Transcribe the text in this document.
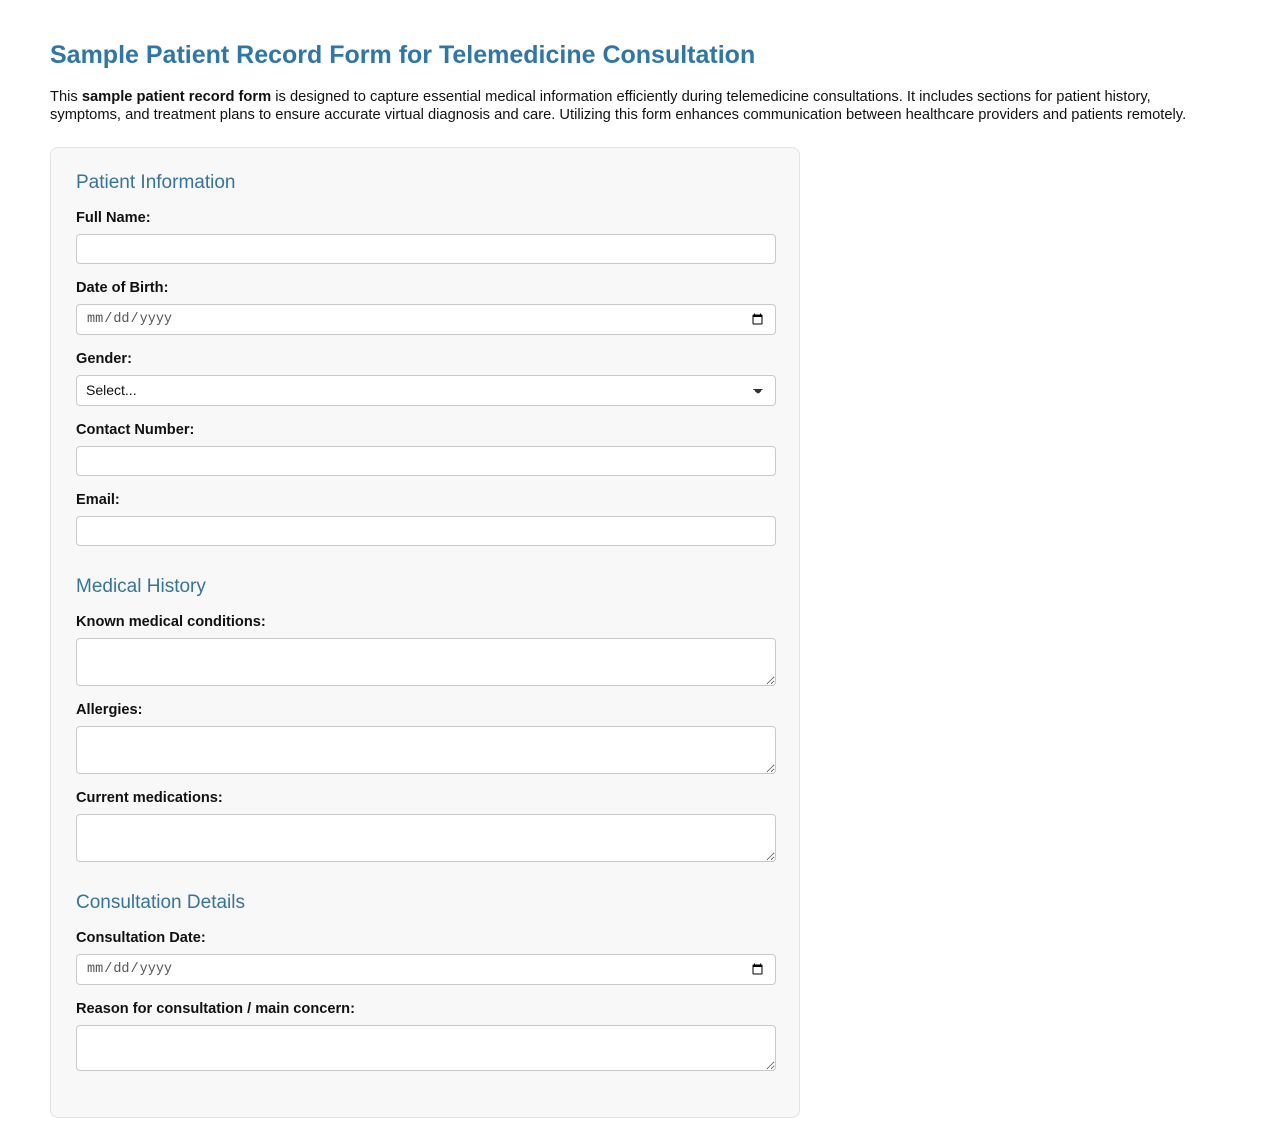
Sample Patient Record Form for Telemedicine Consultation

This sample patient record form is designed to capture essential medical information efficiently during telemedicine consultations. It includes sections for patient history, symptoms, and treatment plans to ensure accurate virtual diagnosis and care. Utilizing this form enhances communication between healthcare providers and patients remotely.

Patient Information
Full Name:
Date of Birth:
Gender:
Select...
Contact Number:
Email:
Medical History
Known medical conditions:
Allergies:
Current medications:
Consultation Details
Consultation Date:
Reason for consultation / main concern:
